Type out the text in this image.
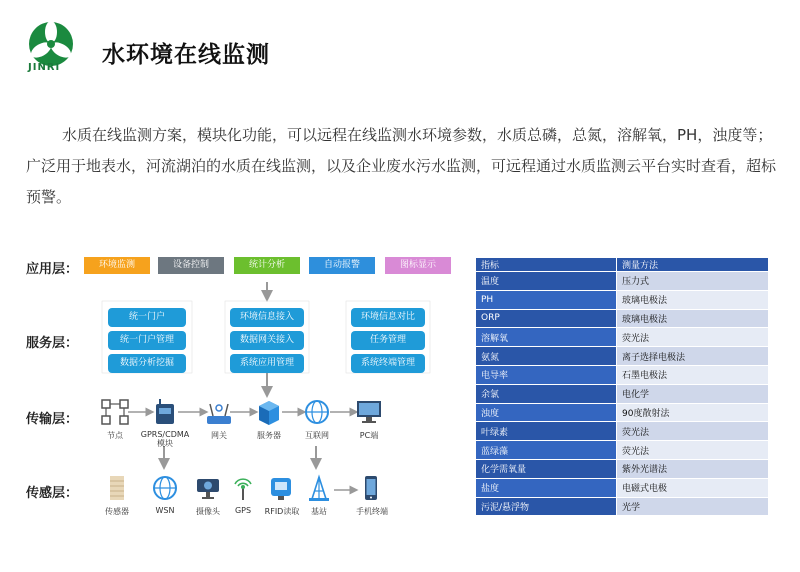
JINRI 水环境在线监测
水质在线监测方案，模块化功能，可以远程在线监测水环境参数，水质总磷，总氮，溶解氧，PH，浊度等；广泛用于地表水，河流湖泊的水质在线监测，以及企业废水污水监测，可远程通过水质监测云平台实时查看，超标预警。
应用层：
服务层：
传输层：
传感层：
环境监测	设备控制	统计分析	自动报警	图标显示
统一门户
统一门户管理
数据分析挖掘
环境信息接入
数据网关接入
系统应用管理
环境信息对比
任务管理
系统终端管理
节点	GPRS/CDMA 模块
网关	服务器	互联网	PC端
传感器	WSN	摄像头	GPS	RFID读取	基站	手机终端
指标	测量方法
温度	压力式
PH	玻璃电极法
ORP	玻璃电极法
溶解氧	荧光法
氨氮	离子选择电极法
电导率	石墨电极法
余氯	电化学
浊度	90度散射法
叶绿素	荧光法
蓝绿藻	荧光法
化学需氧量	紫外光谱法
盐度	电磁式电极
污泥/悬浮物	光学
